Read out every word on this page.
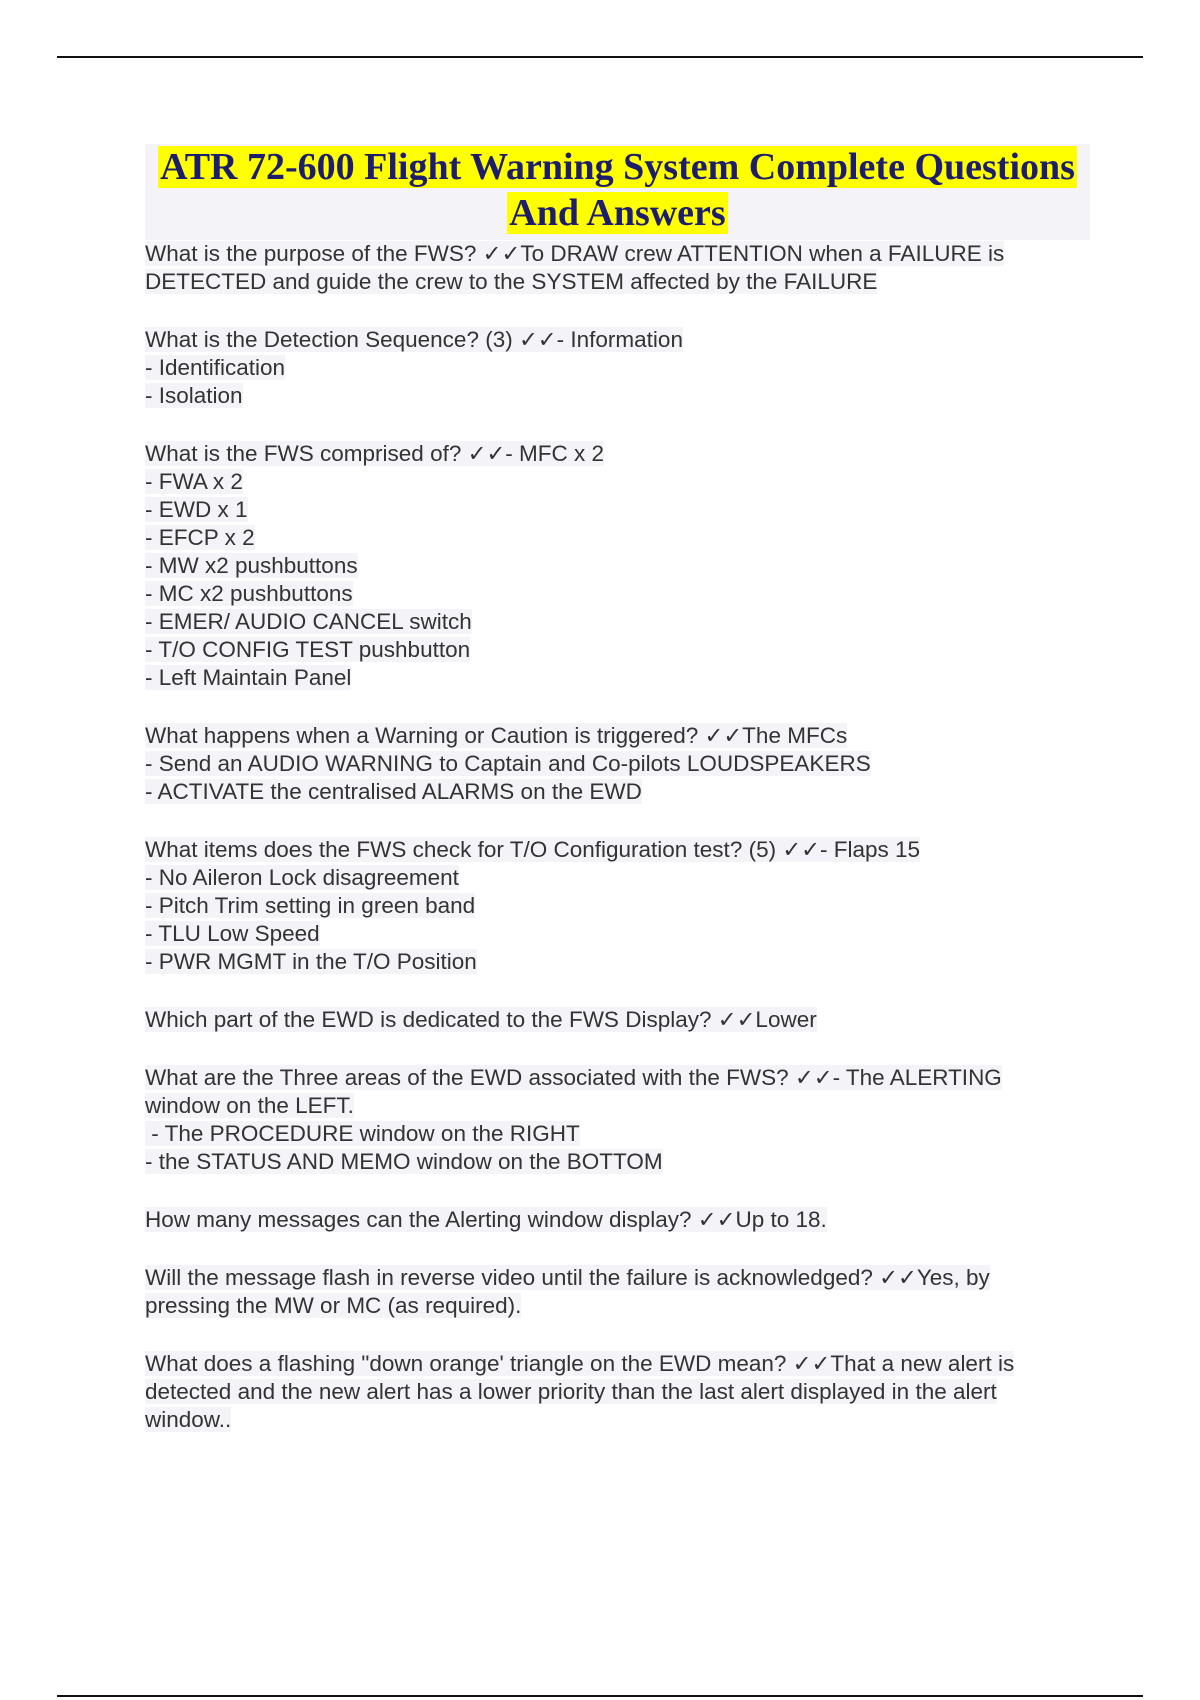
ATR 72-600 Flight Warning System Complete Questions
And Answers
What is the purpose of the FWS? ✓✓To DRAW crew ATTENTION when a FAILURE is
DETECTED and guide the crew to the SYSTEM affected by the FAILURE
What is the Detection Sequence? (3) ✓✓- Information
- Identification
- Isolation
What is the FWS comprised of? ✓✓- MFC x 2
- FWA x 2
- EWD x 1
- EFCP x 2
- MW x2 pushbuttons
- MC x2 pushbuttons
- EMER/ AUDIO CANCEL switch
- T/O CONFIG TEST pushbutton
- Left Maintain Panel
What happens when a Warning or Caution is triggered? ✓✓The MFCs
- Send an AUDIO WARNING to Captain and Co-pilots LOUDSPEAKERS
- ACTIVATE the centralised ALARMS on the EWD
What items does the FWS check for T/O Configuration test? (5) ✓✓- Flaps 15
- No Aileron Lock disagreement
- Pitch Trim setting in green band
- TLU Low Speed
- PWR MGMT in the T/O Position
Which part of the EWD is dedicated to the FWS Display? ✓✓Lower
What are the Three areas of the EWD associated with the FWS? ✓✓- The ALERTING
window on the LEFT.
- The PROCEDURE window on the RIGHT
- the STATUS AND MEMO window on the BOTTOM
How many messages can the Alerting window display? ✓✓Up to 18.
Will the message flash in reverse video until the failure is acknowledged? ✓✓Yes, by
pressing the MW or MC (as required).
What does a flashing "down orange' triangle on the EWD mean? ✓✓That a new alert is
detected and the new alert has a lower priority than the last alert displayed in the alert
window..
